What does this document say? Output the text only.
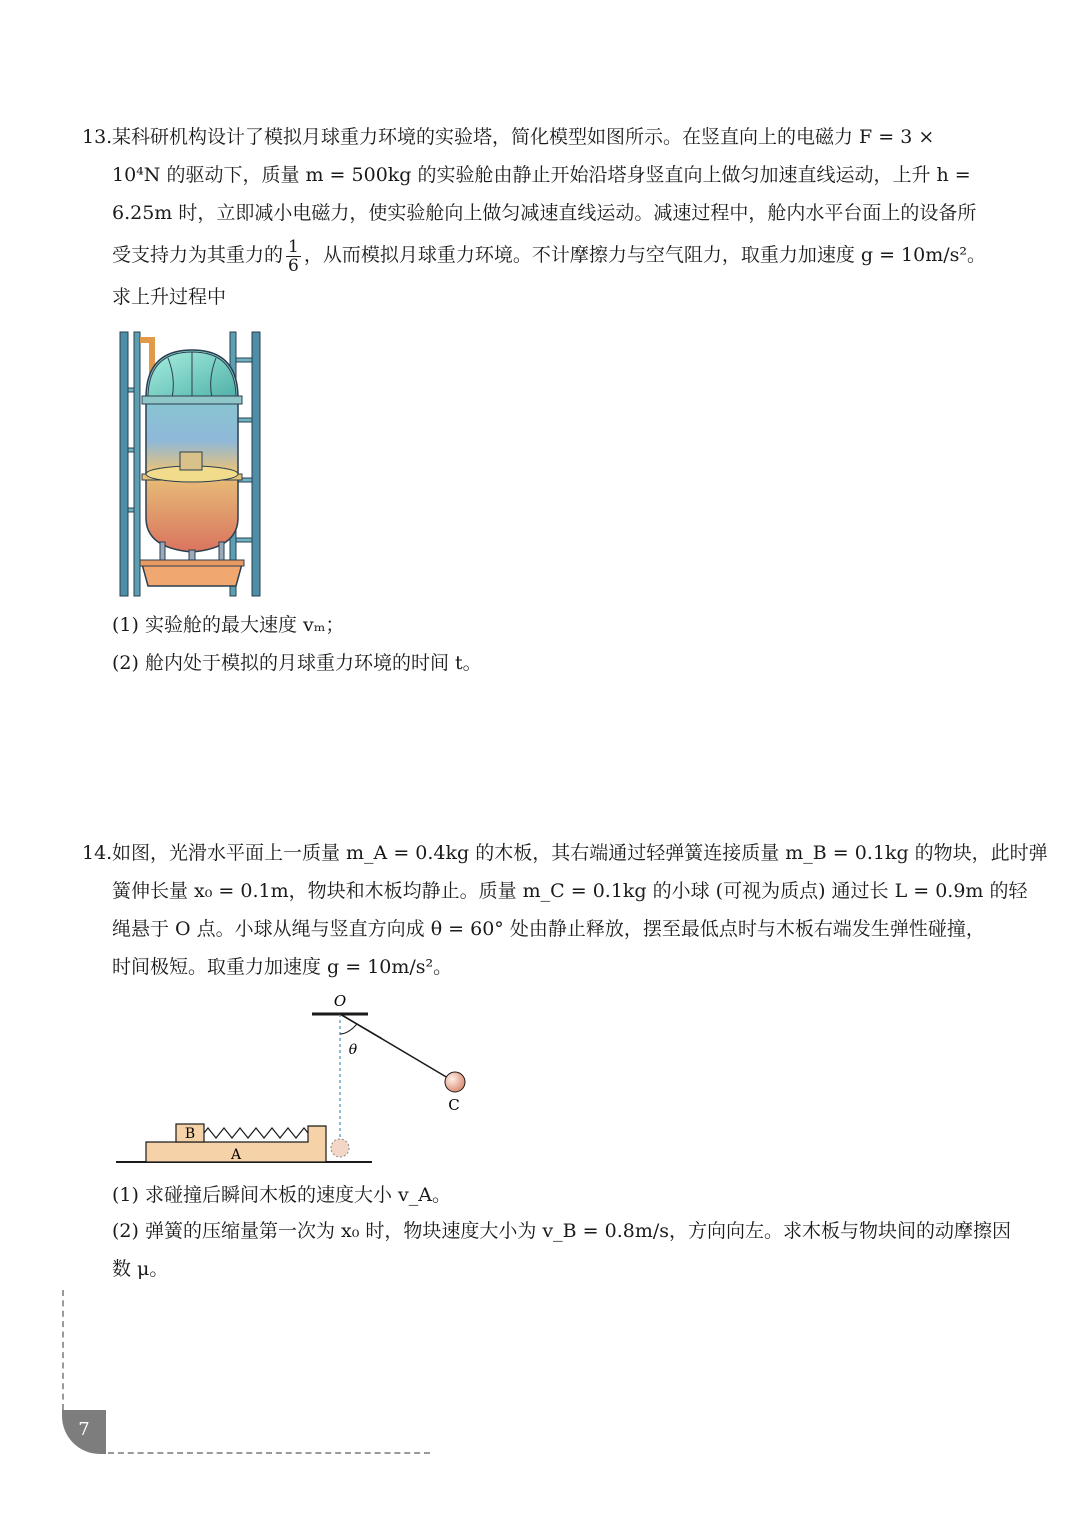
13.某科研机构设计了模拟月球重力环境的实验塔，简化模型如图所示。在竖直向上的电磁力 F = 3 ×
10⁴N 的驱动下，质量 m = 500kg 的实验舱由静止开始沿塔身竖直向上做匀加速直线运动，上升 h =
6.25m 时，立即减小电磁力，使实验舱向上做匀减速直线运动。减速过程中，舱内水平台面上的设备所
受支持力为其重力的 $\frac{1}{6}$ ，从而模拟月球重力环境。不计摩擦力与空气阻力，取重力加速度 g = 10m/s²。
求上升过程中
(1) 实验舱的最大速度 vₘ；
(2) 舱内处于模拟的月球重力环境的时间 t。
14.如图，光滑水平面上一质量 m_A = 0.4kg 的木板，其右端通过轻弹簧连接质量 m_B = 0.1kg 的物块，此时弹
簧伸长量 x₀ = 0.1m，物块和木板均静止。质量 m_C = 0.1kg 的小球 (可视为质点) 通过长 L = 0.9m 的轻
绳悬于 O 点。小球从绳与竖直方向成 θ = 60° 处由静止释放，摆至最低点时与木板右端发生弹性碰撞，
时间极短。取重力加速度 g = 10m/s²。
O
θ
A
B
C
(1) 求碰撞后瞬间木板的速度大小 v_A。
(2) 弹簧的压缩量第一次为 x₀ 时，物块速度大小为 v_B = 0.8m/s，方向向左。求木板与物块间的动摩擦因
数 μ。
7
